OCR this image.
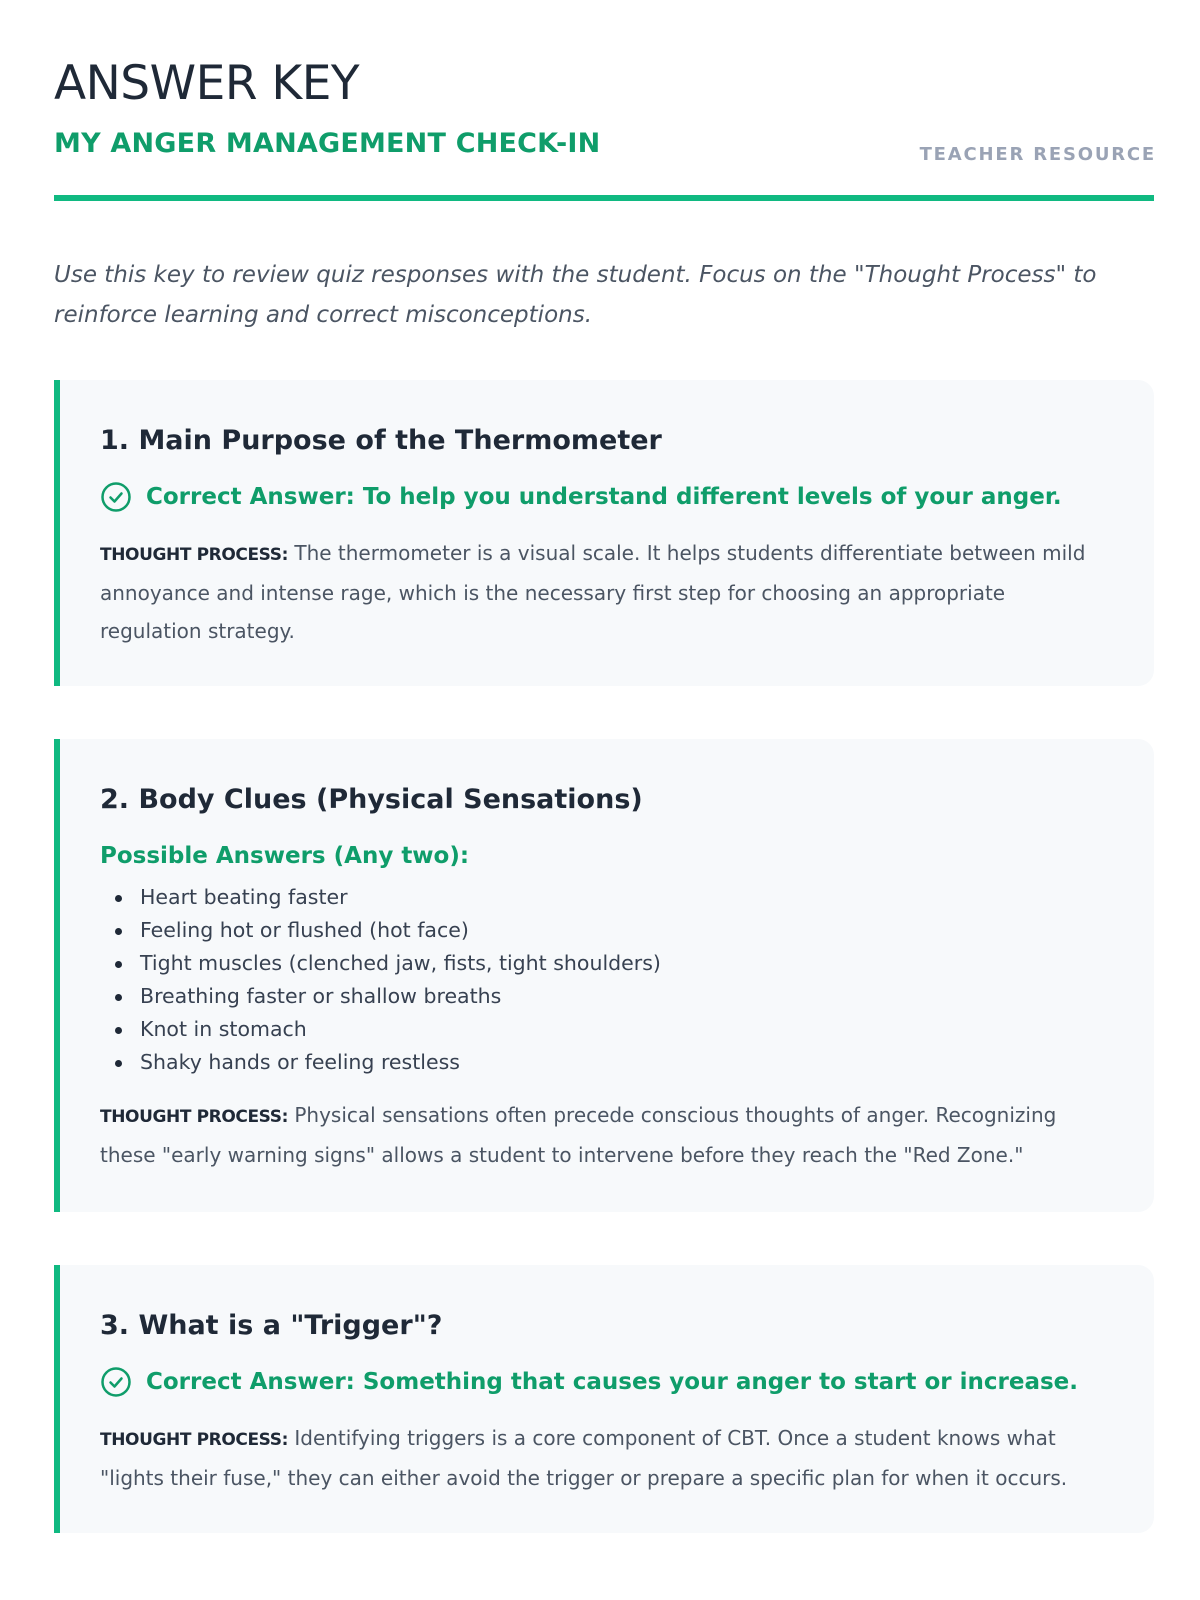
ANSWER KEY
MY ANGER MANAGEMENT CHECK-IN	TEACHER RESOURCE

Use this key to review quiz responses with the student. Focus on the "Thought Process" to reinforce learning and correct misconceptions.

1. Main Purpose of the Thermometer
Correct Answer: To help you understand different levels of your anger.

THOUGHT PROCESS: The thermometer is a visual scale. It helps students differentiate between mild annoyance and intense rage, which is the necessary first step for choosing an appropriate regulation strategy.

2. Body Clues (Physical Sensations)
Possible Answers (Any two):
Heart beating faster
Feeling hot or flushed (hot face)
Tight muscles (clenched jaw, fists, tight shoulders)
Breathing faster or shallow breaths
Knot in stomach
Shaky hands or feeling restless

THOUGHT PROCESS: Physical sensations often precede conscious thoughts of anger. Recognizing these "early warning signs" allows a student to intervene before they reach the "Red Zone."

3. What is a "Trigger"?
Correct Answer: Something that causes your anger to start or increase.

THOUGHT PROCESS: Identifying triggers is a core component of CBT. Once a student knows what "lights their fuse," they can either avoid the trigger or prepare a specific plan for when it occurs.
